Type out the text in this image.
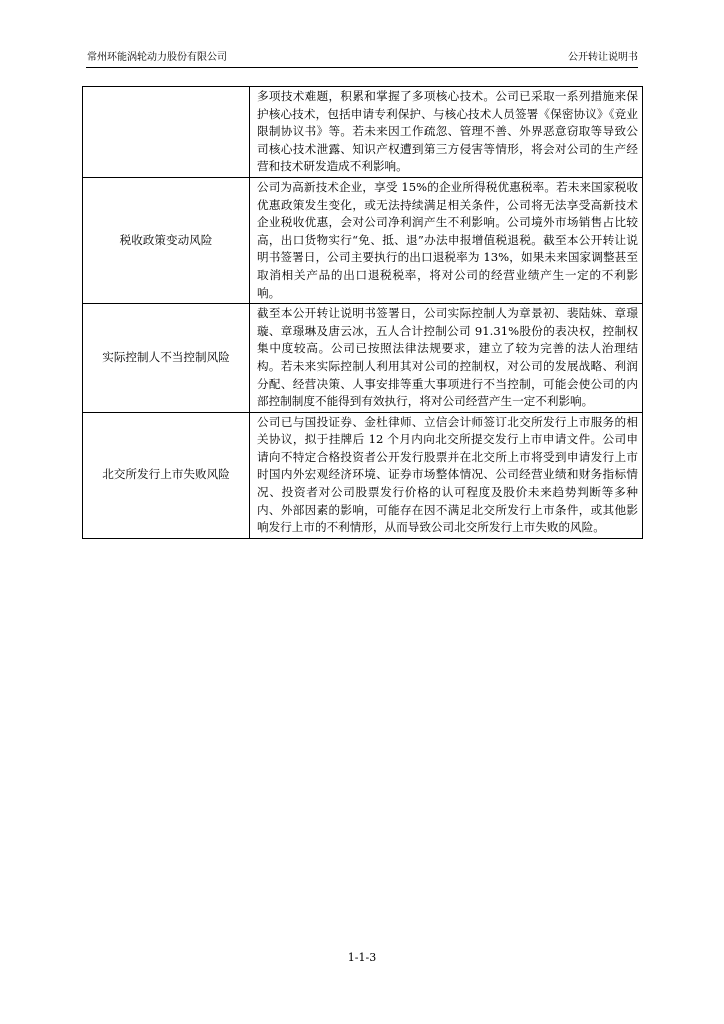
常州环能涡轮动力股份有限公司	公开转让说明书
	多项技术难题，积累和掌握了多项核心技术。公司已采取一系列措施来保护核心技术，包括申请专利保护、与核心技术人员签署《保密协议》《竞业限制协议书》等。若未来因工作疏忽、管理不善、外界恶意窃取等导致公司核心技术泄露、知识产权遭到第三方侵害等情形，将会对公司的生产经营和技术研发造成不利影响。
税收政策变动风险	公司为高新技术企业，享受 15%的企业所得税优惠税率。若未来国家税收优惠政策发生变化，或无法持续满足相关条件，公司将无法享受高新技术企业税收优惠，会对公司净利润产生不利影响。公司境外市场销售占比较高，出口货物实行“免、抵、退”办法申报增值税退税。截至本公开转让说明书签署日，公司主要执行的出口退税率为 13%，如果未来国家调整甚至取消相关产品的出口退税税率，将对公司的经营业绩产生一定的不利影响。
实际控制人不当控制风险	截至本公开转让说明书签署日，公司实际控制人为章景初、裴陆妹、章璟璇、章璟琳及唐云冰，五人合计控制公司 91.31%股份的表决权，控制权集中度较高。公司已按照法律法规要求，建立了较为完善的法人治理结构。若未来实际控制人利用其对公司的控制权，对公司的发展战略、利润分配、经营决策、人事安排等重大事项进行不当控制，可能会使公司的内部控制制度不能得到有效执行，将对公司经营产生一定不利影响。
北交所发行上市失败风险	公司已与国投证券、金杜律师、立信会计师签订北交所发行上市服务的相关协议，拟于挂牌后 12 个月内向北交所提交发行上市申请文件。公司申请向不特定合格投资者公开发行股票并在北交所上市将受到申请发行上市时国内外宏观经济环境、证券市场整体情况、公司经营业绩和财务指标情况、投资者对公司股票发行价格的认可程度及股价未来趋势判断等多种内、外部因素的影响，可能存在因不满足北交所发行上市条件，或其他影响发行上市的不利情形，从而导致公司北交所发行上市失败的风险。
1-1-3
